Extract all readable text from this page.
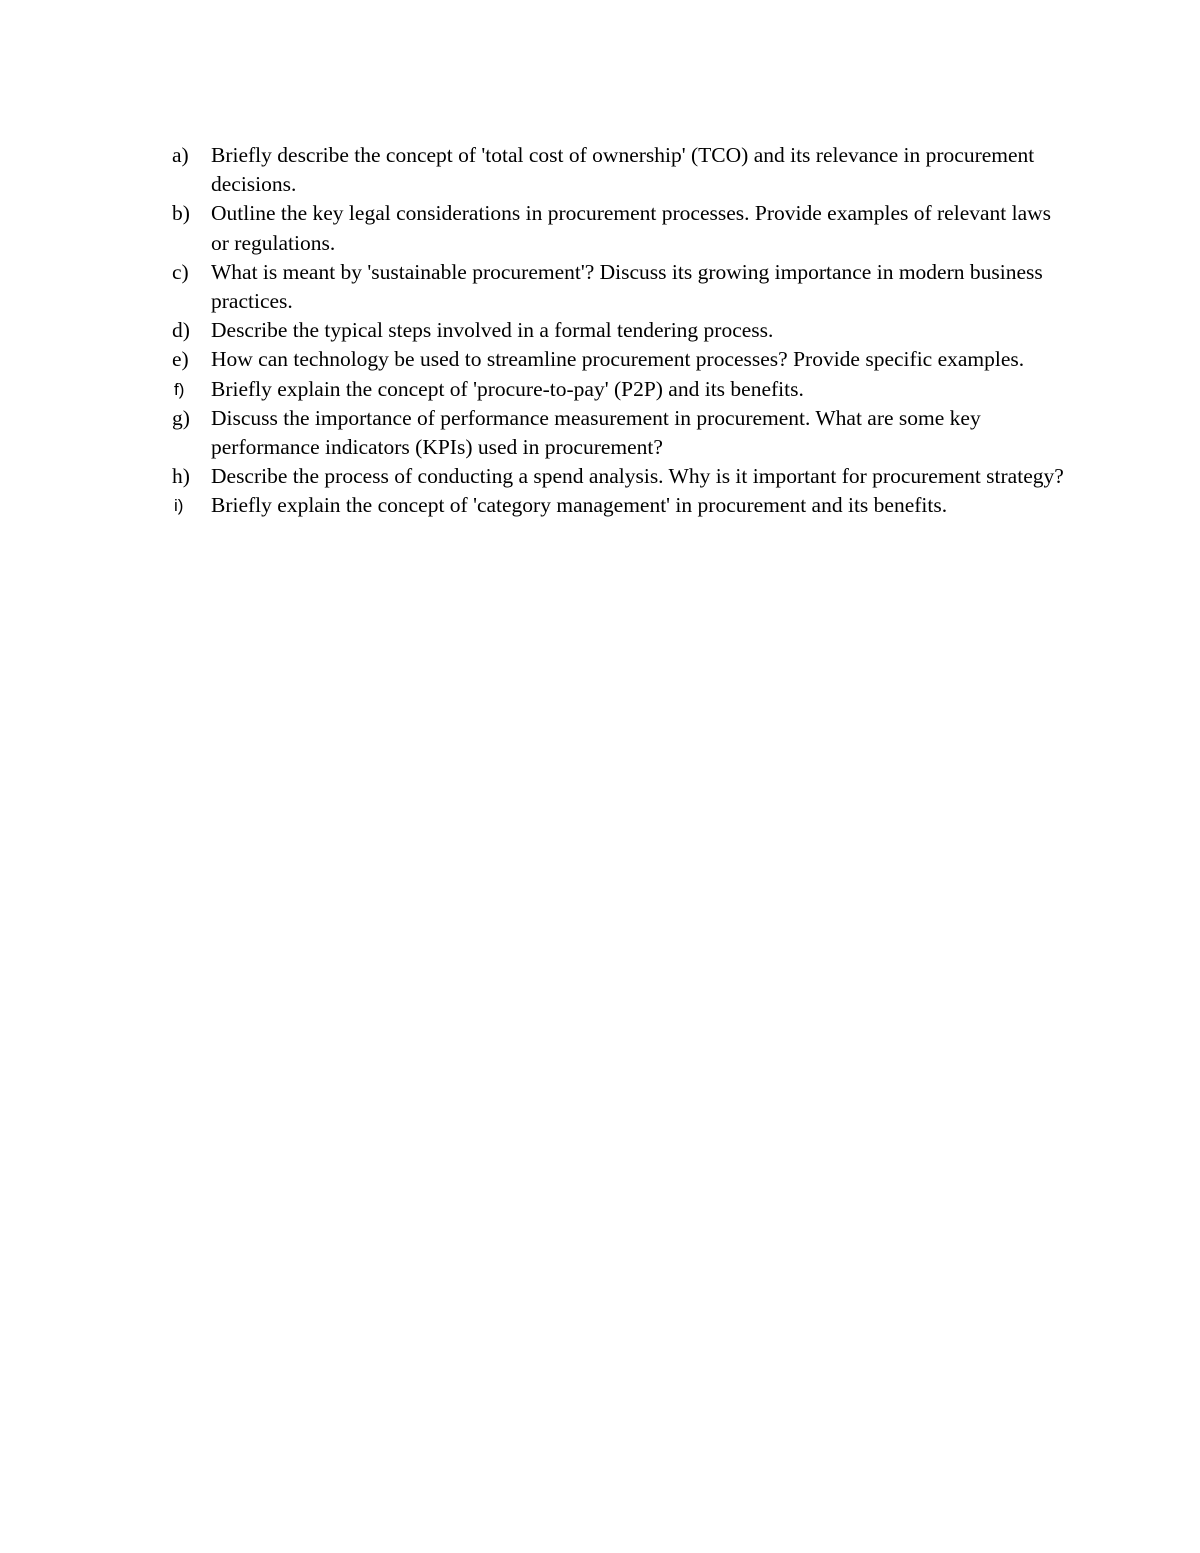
a)	Briefly describe the concept of 'total cost of ownership' (TCO) and its relevance in procurement decisions.
b) Outline the key legal considerations in procurement processes. Provide examples of relevant laws or regulations.
c)	What is meant by 'sustainable procurement'? Discuss its growing importance in modern business practices.
d) Describe the typical steps involved in a formal tendering process.
e)	How can technology be used to streamline procurement processes? Provide specific examples.
f)	Briefly explain the concept of 'procure-to-pay' (P2P) and its benefits.
g) Discuss the importance of performance measurement in procurement. What are some key performance indicators (KPIs) used in procurement?
h) Describe the process of conducting a spend analysis. Why is it important for procurement strategy?
i)	Briefly explain the concept of 'category management' in procurement and its benefits.
